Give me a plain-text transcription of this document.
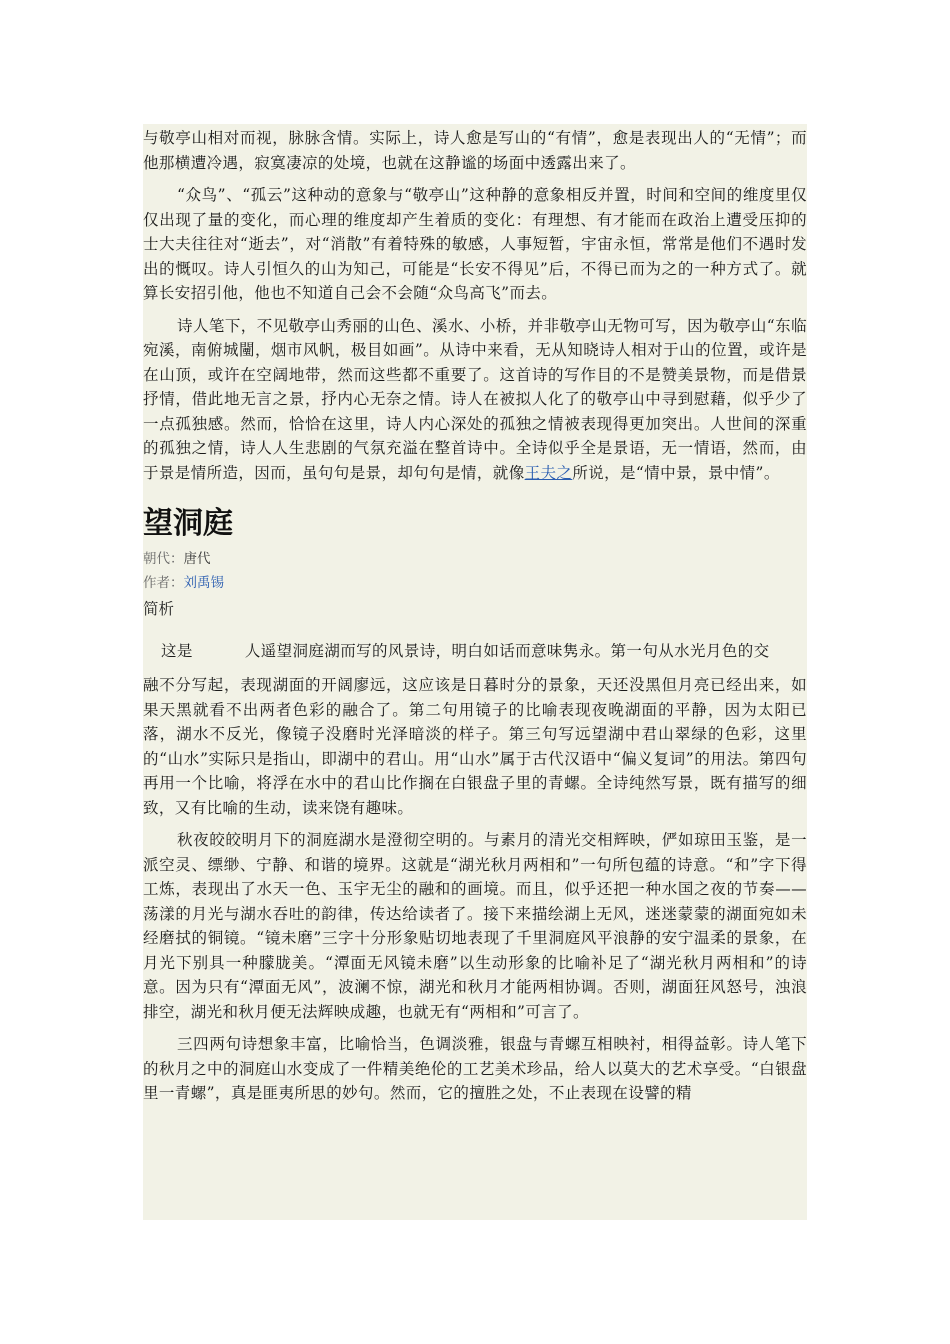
与敬亭山相对而视，脉脉含情。实际上，诗人愈是写山的“有情”，愈是表现出人的“无情”；而他那横遭冷遇，寂寞凄凉的处境，也就在这静谧的场面中透露出来了。

“众鸟”、“孤云”这种动的意象与“敬亭山”这种静的意象相反并置，时间和空间的维度里仅仅出现了量的变化，而心理的维度却产生着质的变化：有理想、有才能而在政治上遭受压抑的士大夫往往对“逝去”，对“消散”有着特殊的敏感，人事短暂，宇宙永恒，常常是他们不遇时发出的慨叹。诗人引恒久的山为知己，可能是“长安不得见”后，不得已而为之的一种方式了。就算长安招引他，他也不知道自己会不会随“众鸟高飞”而去。

诗人笔下，不见敬亭山秀丽的山色、溪水、小桥，并非敬亭山无物可写，因为敬亭山“东临宛溪，南俯城闉，烟市风帆，极目如画”。从诗中来看，无从知晓诗人相对于山的位置，或许是在山顶，或许在空阔地带，然而这些都不重要了。这首诗的写作目的不是赞美景物，而是借景抒情，借此地无言之景，抒内心无奈之情。诗人在被拟人化了的敬亭山中寻到慰藉，似乎少了一点孤独感。然而，恰恰在这里，诗人内心深处的孤独之情被表现得更加突出。人世间的深重的孤独之情，诗人人生悲剧的气氛充溢在整首诗中。全诗似乎全是景语，无一情语，然而，由于景是情所造，因而，虽句句是景，却句句是情，就像王夫之所说，是“情中景，景中情”。

望洞庭
朝代：唐代
作者：刘禹锡
简析
这是	人遥望洞庭湖而写的风景诗，明白如话而意味隽永。第一句从水光月色的交

融不分写起，表现湖面的开阔廖远，这应该是日暮时分的景象，天还没黑但月亮已经出来，如果天黑就看不出两者色彩的融合了。第二句用镜子的比喻表现夜晚湖面的平静，因为太阳已落，湖水不反光，像镜子没磨时光泽暗淡的样子。第三句写远望湖中君山翠绿的色彩，这里的“山水”实际只是指山，即湖中的君山。用“山水”属于古代汉语中“偏义复词”的用法。第四句再用一个比喻，将浮在水中的君山比作搁在白银盘子里的青螺。全诗纯然写景，既有描写的细致，又有比喻的生动，读来饶有趣味。

秋夜皎皎明月下的洞庭湖水是澄彻空明的。与素月的清光交相辉映，俨如琼田玉鉴，是一派空灵、缥缈、宁静、和谐的境界。这就是“湖光秋月两相和”一句所包蕴的诗意。“和”字下得工炼，表现出了水天一色、玉宇无尘的融和的画境。而且，似乎还把一种水国之夜的节奏——荡漾的月光与湖水吞吐的韵律，传达给读者了。接下来描绘湖上无风，迷迷蒙蒙的湖面宛如未经磨拭的铜镜。“镜未磨”三字十分形象贴切地表现了千里洞庭风平浪静的安宁温柔的景象，在月光下别具一种朦胧美。“潭面无风镜未磨”以生动形象的比喻补足了“湖光秋月两相和”的诗意。因为只有“潭面无风”，波澜不惊，湖光和秋月才能两相协调。否则，湖面狂风怒号，浊浪排空，湖光和秋月便无法辉映成趣，也就无有“两相和”可言了。

三四两句诗想象丰富，比喻恰当，色调淡雅，银盘与青螺互相映衬，相得益彰。诗人笔下的秋月之中的洞庭山水变成了一件精美绝伦的工艺美术珍品，给人以莫大的艺术享受。“白银盘里一青螺”，真是匪夷所思的妙句。然而，它的擅胜之处，不止表现在设譬的精
